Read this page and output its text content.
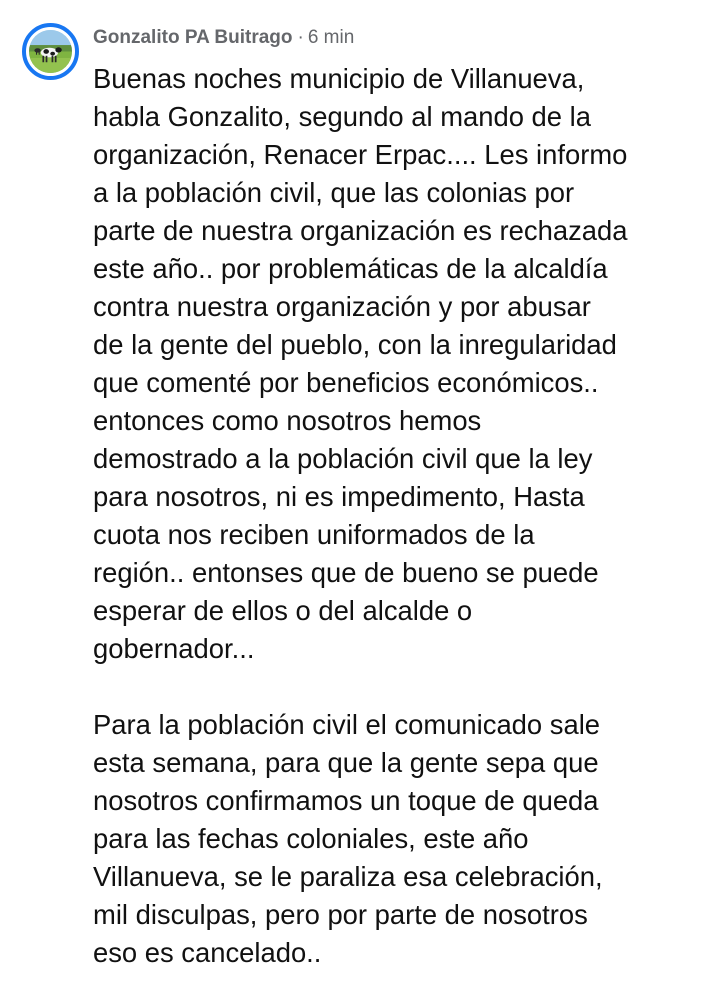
Gonzalito PA Buitrago · 6 min

Buenas noches municipio de Villanueva,
habla Gonzalito, segundo al mando de la
organización, Renacer Erpac.... Les informo
a la población civil, que las colonias por
parte de nuestra organización es rechazada
este año.. por problemáticas de la alcaldía
contra nuestra organización y por abusar
de la gente del pueblo, con la inregularidad
que comenté por beneficios económicos..
entonces como nosotros hemos
demostrado a la población civil que la ley
para nosotros, ni es impedimento, Hasta
cuota nos reciben uniformados de la
región.. entonses que de bueno se puede
esperar de ellos o del alcalde o
gobernador...

Para la población civil el comunicado sale
esta semana, para que la gente sepa que
nosotros confirmamos un toque de queda
para las fechas coloniales, este año
Villanueva, se le paraliza esa celebración,
mil disculpas, pero por parte de nosotros
eso es cancelado..
